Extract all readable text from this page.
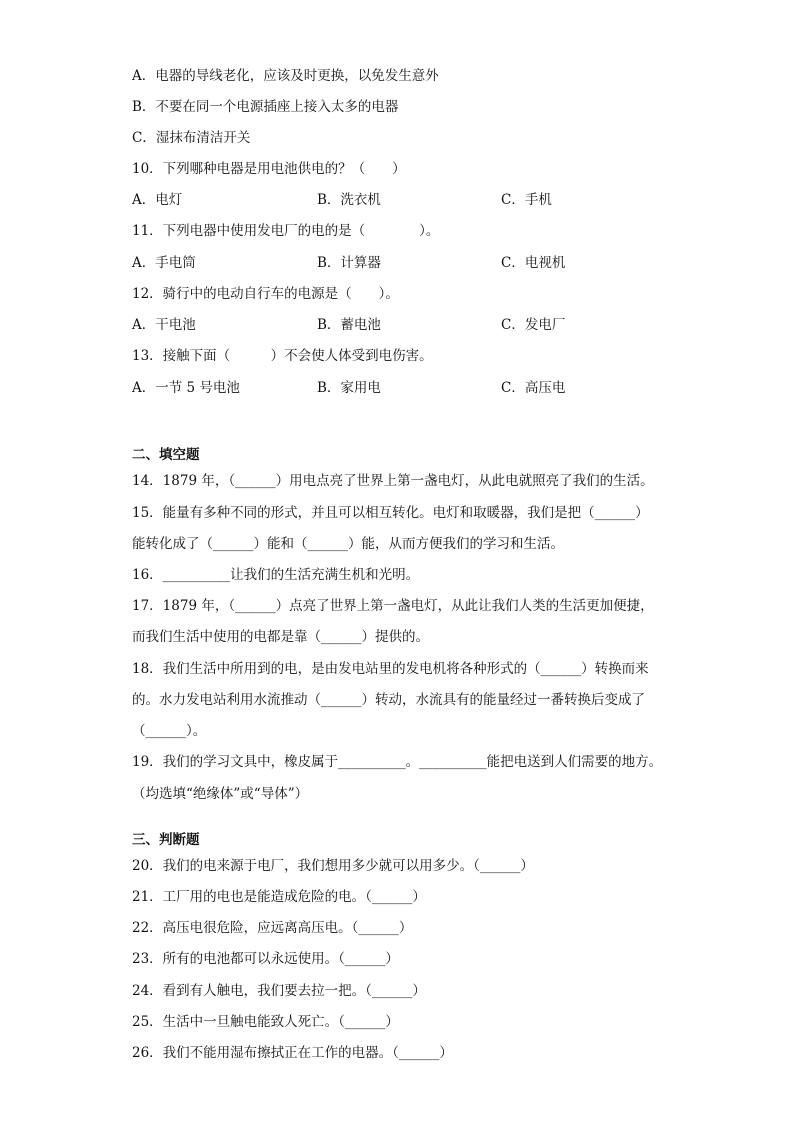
A．电器的导线老化，应该及时更换，以免发生意外
B．不要在同一个电源插座上接入太多的电器
C．湿抹布清洁开关
10．下列哪种电器是用电池供电的？（　　）
A．电灯	B．洗衣机	C．手机
11．下列电器中使用发电厂的电的是（　　　　）。
A．手电筒	B．计算器	C．电视机
12．骑行中的电动自行车的电源是（　　）。
A．干电池	B．蓄电池	C．发电厂
13．接触下面（　　　）不会使人体受到电伤害。
A．一节 5 号电池	B．家用电	C．高压电
二、填空题
14．1879 年，（______）用电点亮了世界上第一盏电灯，从此电就照亮了我们的生活。
15．能量有多种不同的形式，并且可以相互转化。电灯和取暖器，我们是把（______）
能转化成了（______）能和（______）能，从而方便我们的学习和生活。
16．__________让我们的生活充满生机和光明。
17．1879 年，（______）点亮了世界上第一盏电灯，从此让我们人类的生活更加便捷，
而我们生活中使用的电都是靠（______）提供的。
18．我们生活中所用到的电，是由发电站里的发电机将各种形式的（______）转换而来
的。水力发电站利用水流推动（______）转动，水流具有的能量经过一番转换后变成了
（______）。
19．我们的学习文具中，橡皮属于__________。__________能把电送到人们需要的地方。
（均选填“绝缘体”或“导体”）
三、判断题
20．我们的电来源于电厂，我们想用多少就可以用多少。（______）
21．工厂用的电也是能造成危险的电。（______）
22．高压电很危险，应远离高压电。（______）
23．所有的电池都可以永远使用。（______）
24．看到有人触电，我们要去拉一把。（______）
25．生活中一旦触电能致人死亡。（______）
26．我们不能用湿布擦拭正在工作的电器。（______）
